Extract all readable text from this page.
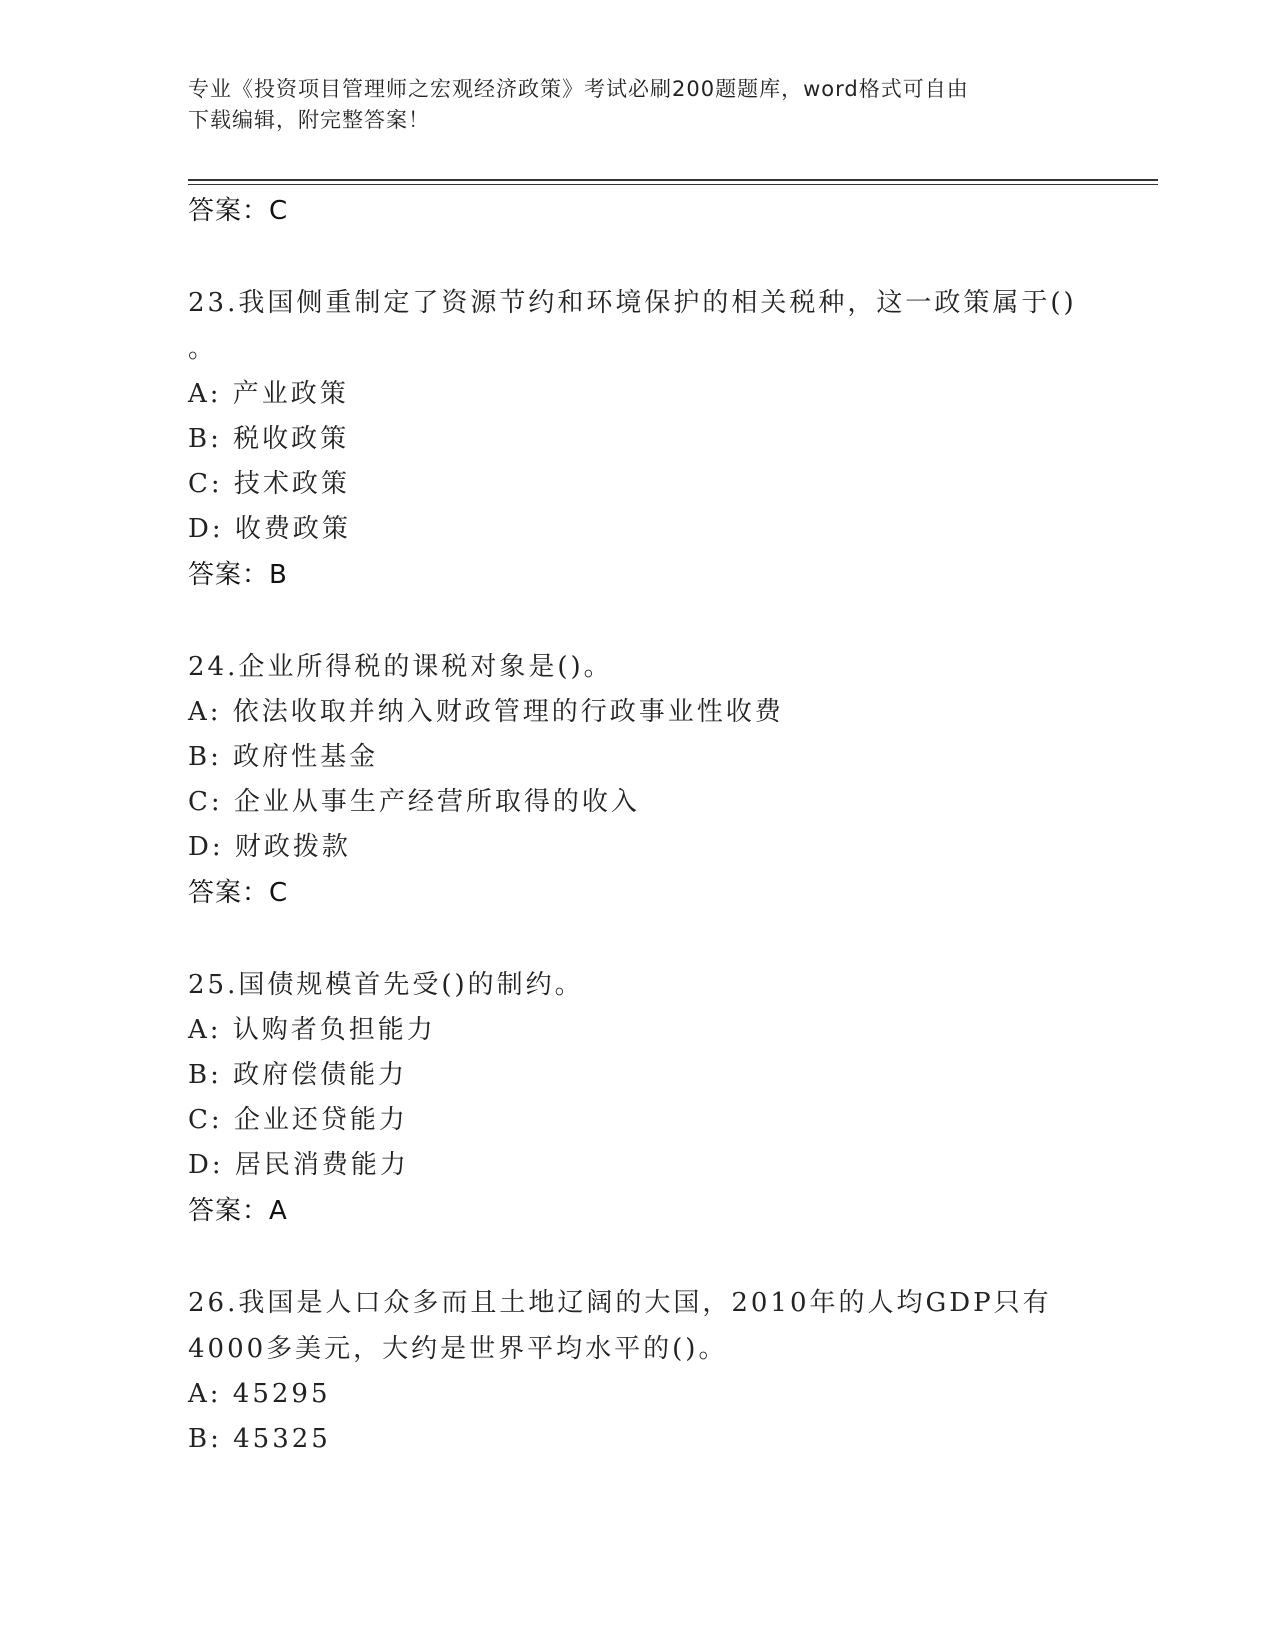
专业《投资项目管理师之宏观经济政策》考试必刷200题题库，word格式可自由
下载编辑，附完整答案！
答案：C
23.我国侧重制定了资源节约和环境保护的相关税种，这一政策属于()
。
A: 产业政策
B: 税收政策
C: 技术政策
D: 收费政策
答案：B
24.企业所得税的课税对象是()。
A: 依法收取并纳入财政管理的行政事业性收费
B: 政府性基金
C: 企业从事生产经营所取得的收入
D: 财政拨款
答案：C
25.国债规模首先受()的制约。
A: 认购者负担能力
B: 政府偿债能力
C: 企业还贷能力
D: 居民消费能力
答案：A
26.我国是人口众多而且土地辽阔的大国，2010年的人均GDP只有
4000多美元，大约是世界平均水平的()。
A: 45295
B: 45325
